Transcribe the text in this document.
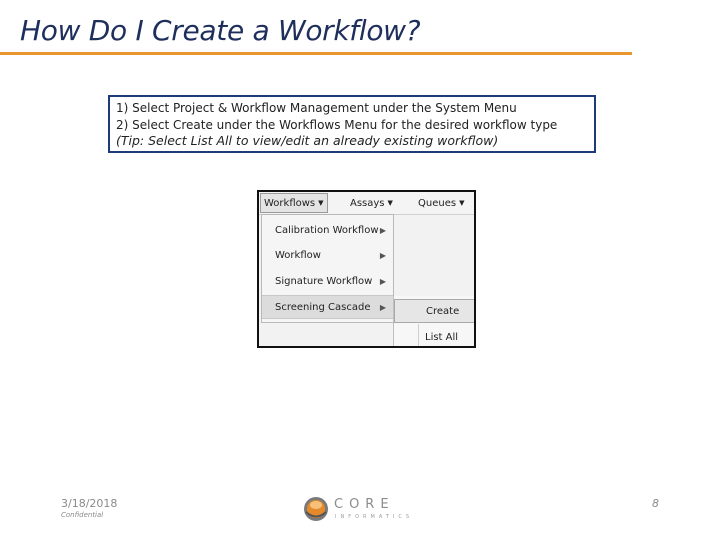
How Do I Create a Workflow?
1) Select Project & Workflow Management under the System Menu
2) Select Create under the Workflows Menu for the desired workflow type
(Tip: Select List All to view/edit an already existing workflow)
Workflows ▼	Assays ▼	Queues ▼
Calibration Workflow ▶
Workflow	▶
Signature Workflow ▶
Screening Cascade ▶	Create
List All
3/18/2018
Confidential
CORE
INFORMATICS
8
